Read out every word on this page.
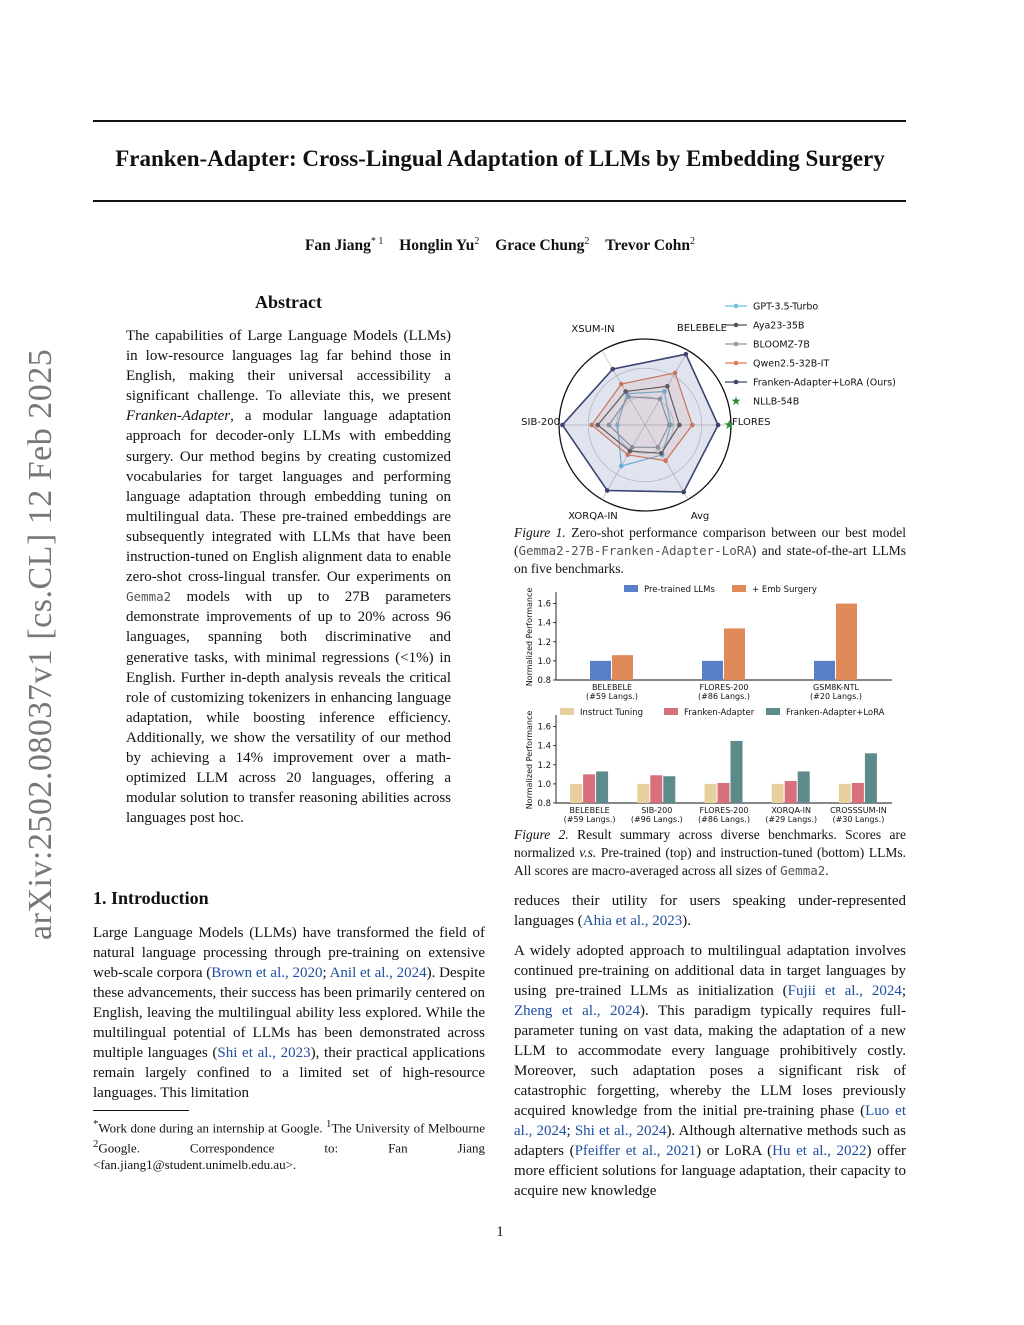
Franken-Adapter: Cross-Lingual Adaptation of LLMs by Embedding Surgery
Fan Jiang$^{* 1}$ Honglin Yu$^2$ Grace Chung$^2$ Trevor Cohn$^2$
arXiv:2502.08037v1 [cs.CL] 12 Feb 2025
Abstract
The capabilities of Large Language Models (LLMs) in low-resource languages lag far behind those in English, making their universal accessibility a significant challenge. To alleviate this, we present Franken-Adapter, a modular language adaptation approach for decoder-only LLMs with embedding surgery. Our method begins by creating customized vocabularies for target languages and performing language adaptation through embedding tuning on multilingual data. These pre-trained embeddings are subsequently integrated with LLMs that have been instruction-tuned on English alignment data to enable zero-shot cross-lingual transfer. Our experiments on Gemma2 models with up to 27B parameters demonstrate improvements of up to 20% across 96 languages, spanning both discriminative and generative tasks, with minimal regressions (<1%) in English. Further in-depth analysis reveals the critical role of customizing tokenizers in enhancing language adaptation, while boosting inference efficiency. Additionally, we show the versatility of our method by achieving a 14% improvement over a math-optimized LLM across 20 languages, offering a modular solution to transfer reasoning abilities across languages post hoc.
1. Introduction
Large Language Models (LLMs) have transformed the field of natural language processing through pre-training on extensive web-scale corpora (Brown et al., 2020; Anil et al., 2024). Despite these advancements, their success has been primarily centered on English, leaving the multilingual ability less explored. While the multilingual potential of LLMs has been demonstrated across multiple languages (Shi et al., 2023), their practical applications remain largely confined to a limited set of high-resource languages. This limitation
*Work done during an internship at Google. $^1$The University of Melbourne $^2$Google. Correspondence to: Fan Jiang <fan.jiang1@student.unimelb.edu.au>.
reduces their utility for users speaking under-represented languages (Ahia et al., 2023).
A widely adopted approach to multilingual adaptation involves continued pre-training on additional data in target languages by using pre-trained LLMs as initialization (Fujii et al., 2024; Zheng et al., 2024). This paradigm typically requires full-parameter tuning on vast data, making the adaptation of a new LLM to accommodate every language prohibitively costly. Moreover, such adaptation poses a significant risk of catastrophic forgetting, whereby the LLM loses previously acquired knowledge from the initial pre-training phase (Luo et al., 2024; Shi et al., 2024). Although alternative methods such as adapters (Pfeiffer et al., 2021) or LoRA (Hu et al., 2022) offer more efficient solutions for language adaptation, their capacity to acquire new knowledge
1
BELEBELE
FLORES
Avg
XORQA-IN
SIB-200
XSUM-IN
★
GPT-3.5-Turbo
Aya23-35B
BLOOMZ-7B
Qwen2.5-32B-IT
Franken-Adapter+LoRA (Ours)
★ NLLB-54B
Figure 1. Zero-shot performance comparison between our best model (Gemma2-27B-Franken-Adapter-LoRA) and state-of-the-art LLMs on five benchmarks.
0.8
1.0
1.2
1.4
1.6
Normalized Performance
BELEBELE
(#59 Langs.)
FLORES-200
(#86 Langs.)
GSM8K-NTL
(#20 Langs.)
Pre-trained LLMs	+ Emb Surgery
0.8
1.0
1.2
1.4
1.6
Normalized Performance
BELEBELE
(#59 Langs.)
SIB-200
(#96 Langs.)
FLORES-200
(#86 Langs.)
XORQA-IN
(#29 Langs.)
CROSSSUM-IN
(#30 Langs.)
Instruct Tuning	Franken-Adapter	Franken-Adapter+LoRA
Figure 2. Result summary across diverse benchmarks. Scores are normalized v.s. Pre-trained (top) and instruction-tuned (bottom) LLMs. All scores are macro-averaged across all sizes of Gemma2.
